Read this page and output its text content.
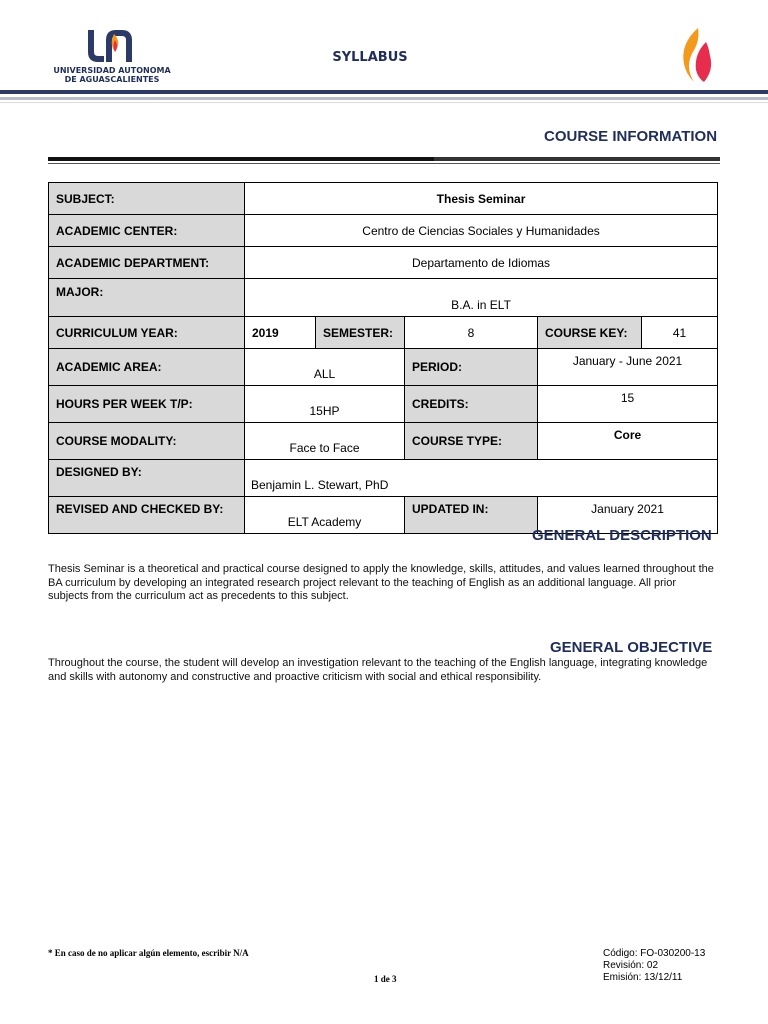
UNIVERSIDAD AUTONOMA
DE AGUASCALIENTES
SYLLABUS
COURSE INFORMATION
SUBJECT:	Thesis Seminar				
ACADEMIC CENTER:	Centro de Ciencias Sociales y Humanidades				
ACADEMIC DEPARTMENT:	Departamento de Idiomas				
MAJOR:	B.A. in ELT				
CURRICULUM YEAR:	2019	SEMESTER:	8	COURSE KEY:	41
ACADEMIC AREA:	ALL		PERIOD:	January - June 2021	
HOURS PER WEEK T/P:	15HP		CREDITS:	15	
COURSE MODALITY:	Face to Face		COURSE TYPE:	Core	
DESIGNED BY:	Benjamin L. Stewart, PhD				
REVISED AND CHECKED BY:	ELT Academy		UPDATED IN:	January 2021	
GENERAL DESCRIPTION
Thesis Seminar is a theoretical and practical course designed to apply the knowledge, skills, attitudes, and values learned throughout the BA curriculum by developing an integrated research project relevant to the teaching of English as an additional language. All prior subjects from the curriculum act as precedents to this subject.
GENERAL OBJECTIVE
Throughout the course, the student will develop an investigation relevant to the teaching of the English language, integrating knowledge and skills with autonomy and constructive and proactive criticism with social and ethical responsibility.
* En caso de no aplicar algún elemento, escribir N/A
1 de 3
Código: FO-030200-13
Revisión: 02
Emisión: 13/12/11
